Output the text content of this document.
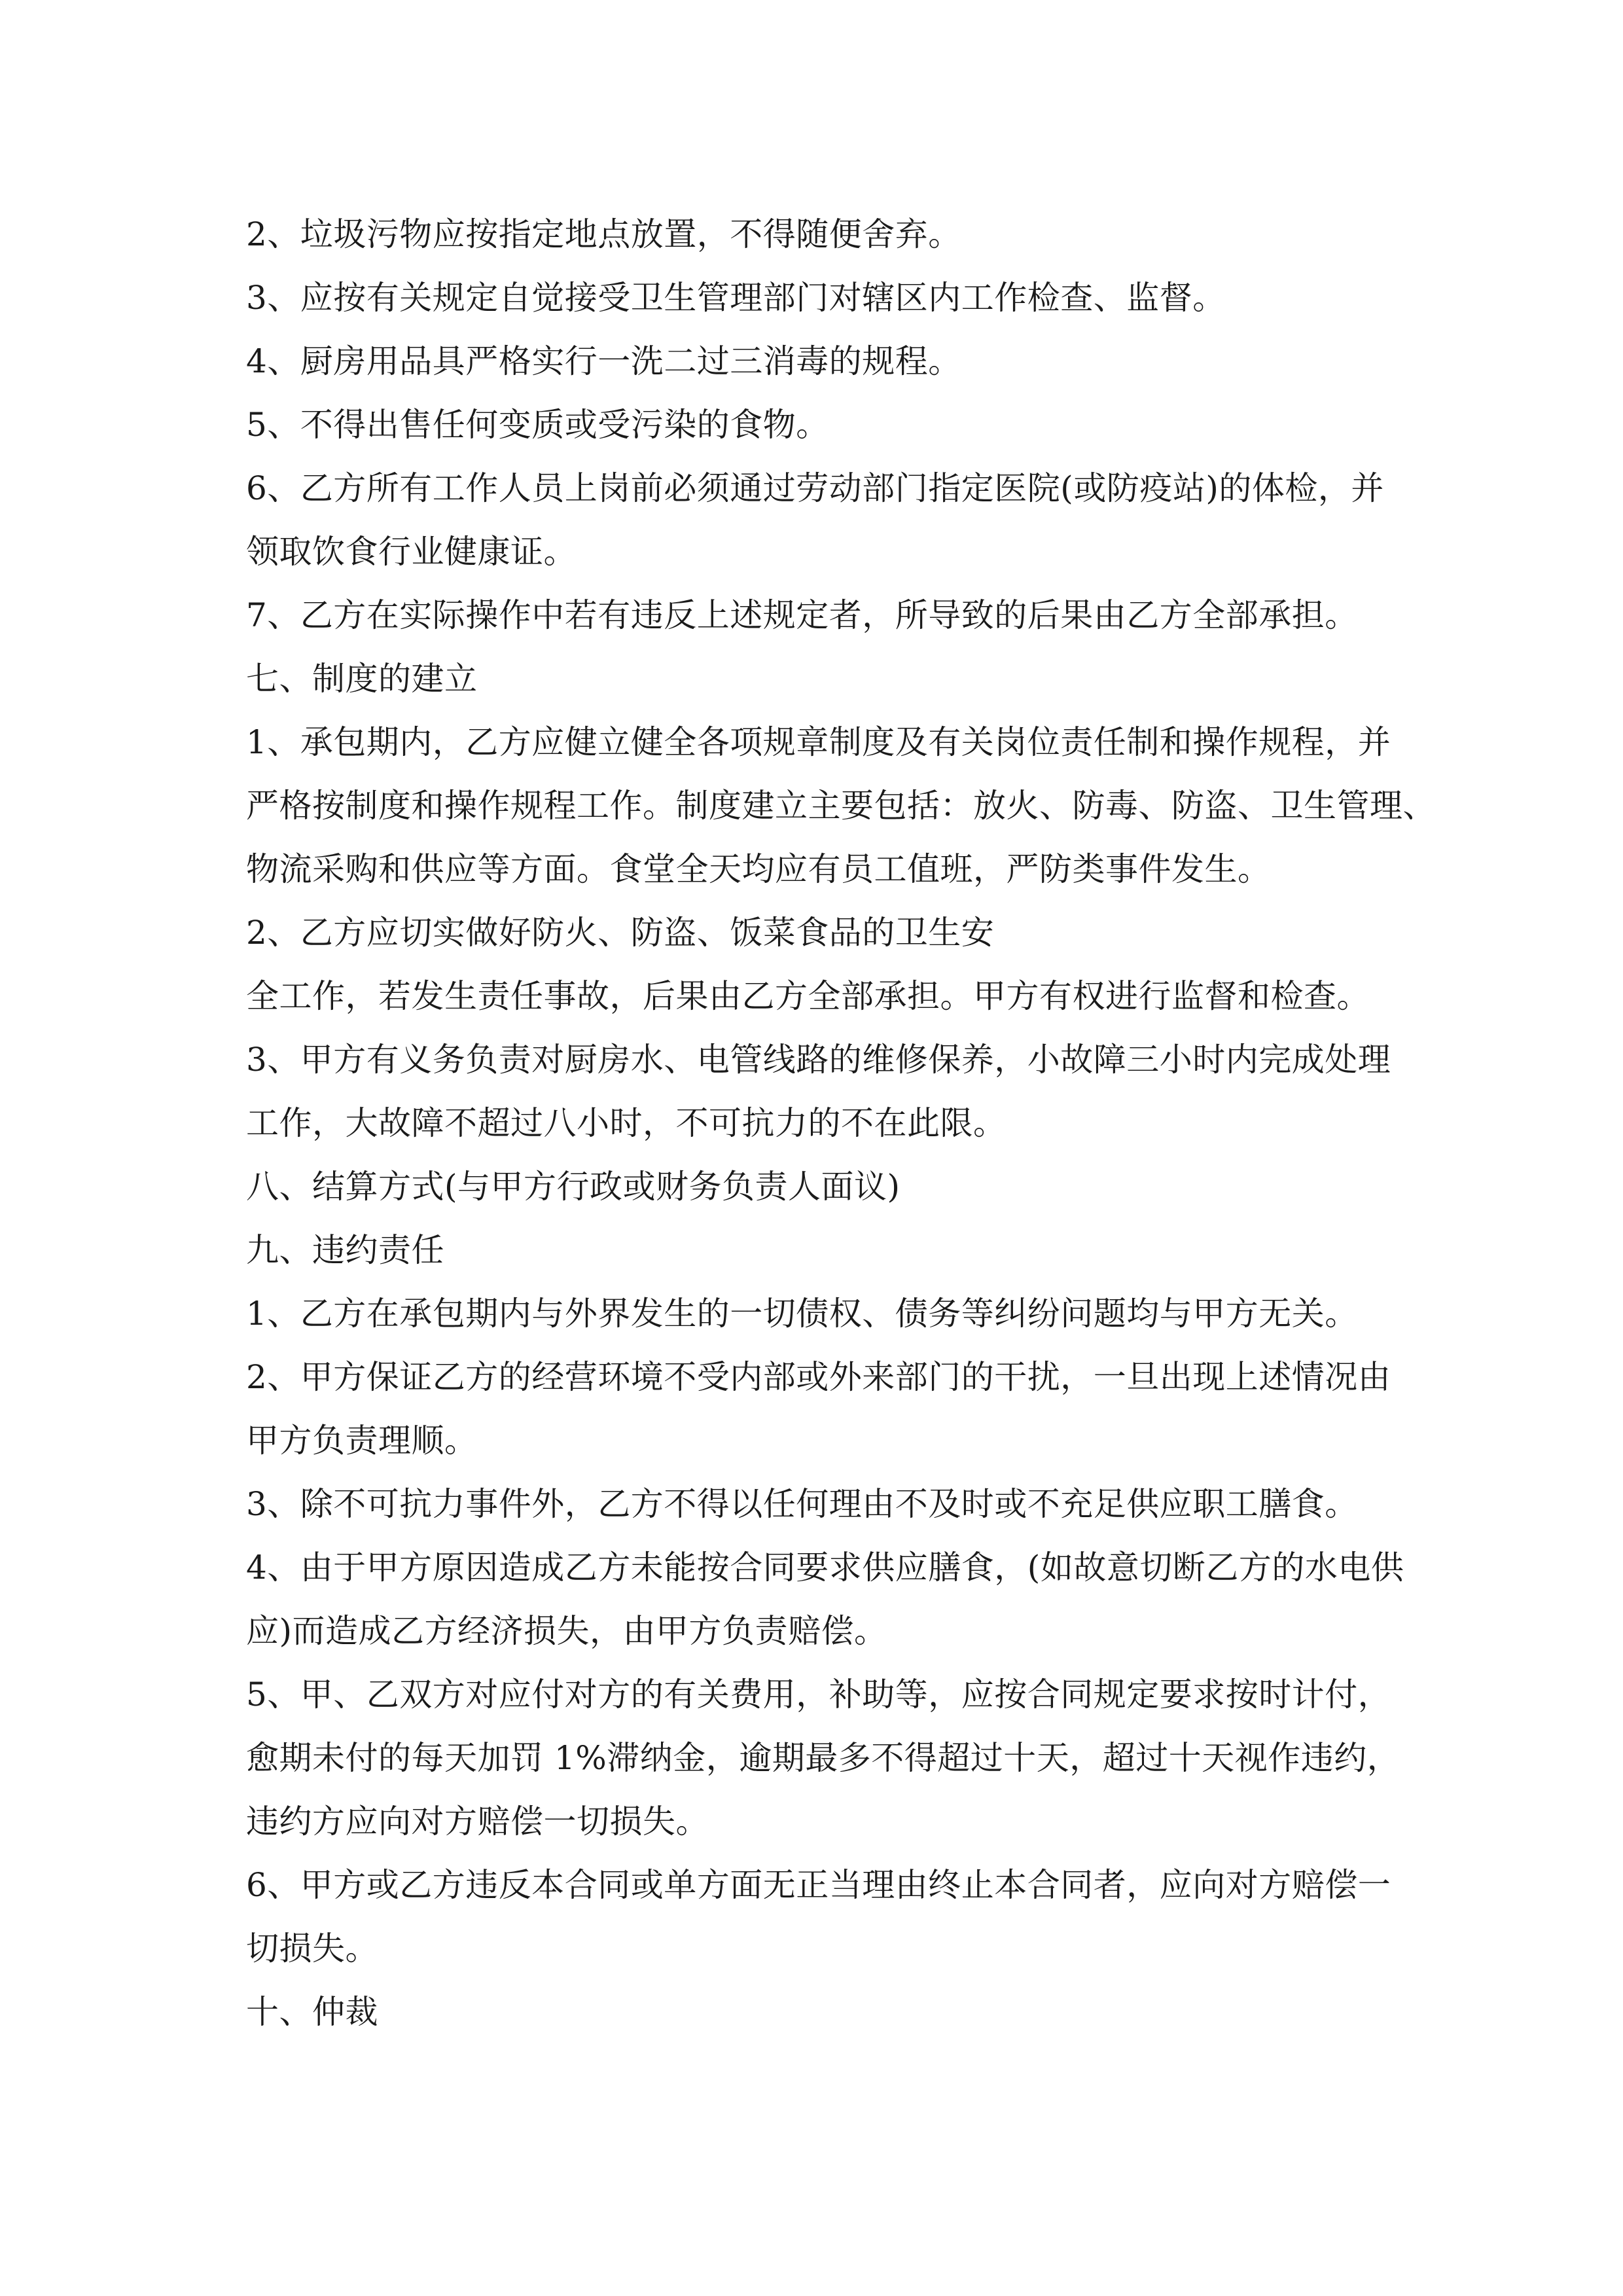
2、垃圾污物应按指定地点放置，不得随便舍弃。
3、应按有关规定自觉接受卫生管理部门对辖区内工作检查、监督。
4、厨房用品具严格实行一洗二过三消毒的规程。
5、不得出售任何变质或受污染的食物。
6、乙方所有工作人员上岗前必须通过劳动部门指定医院(或防疫站)的体检，并
领取饮食行业健康证。
7、乙方在实际操作中若有违反上述规定者，所导致的后果由乙方全部承担。
七、制度的建立
1、承包期内，乙方应健立健全各项规章制度及有关岗位责任制和操作规程，并
严格按制度和操作规程工作。制度建立主要包括：放火、防毒、防盗、卫生管理、
物流采购和供应等方面。食堂全天均应有员工值班，严防类事件发生。
2、乙方应切实做好防火、防盗、饭菜食品的卫生安
全工作，若发生责任事故，后果由乙方全部承担。甲方有权进行监督和检查。
3、甲方有义务负责对厨房水、电管线路的维修保养，小故障三小时内完成处理
工作，大故障不超过八小时，不可抗力的不在此限。
八、结算方式(与甲方行政或财务负责人面议)
九、违约责任
1、乙方在承包期内与外界发生的一切债权、债务等纠纷问题均与甲方无关。
2、甲方保证乙方的经营环境不受内部或外来部门的干扰，一旦出现上述情况由
甲方负责理顺。
3、除不可抗力事件外，乙方不得以任何理由不及时或不充足供应职工膳食。
4、由于甲方原因造成乙方未能按合同要求供应膳食，(如故意切断乙方的水电供
应)而造成乙方经济损失，由甲方负责赔偿。
5、甲、乙双方对应付对方的有关费用，补助等，应按合同规定要求按时计付，
愈期未付的每天加罚 1%滞纳金，逾期最多不得超过十天，超过十天视作违约，
违约方应向对方赔偿一切损失。
6、甲方或乙方违反本合同或单方面无正当理由终止本合同者，应向对方赔偿一
切损失。
十、仲裁
